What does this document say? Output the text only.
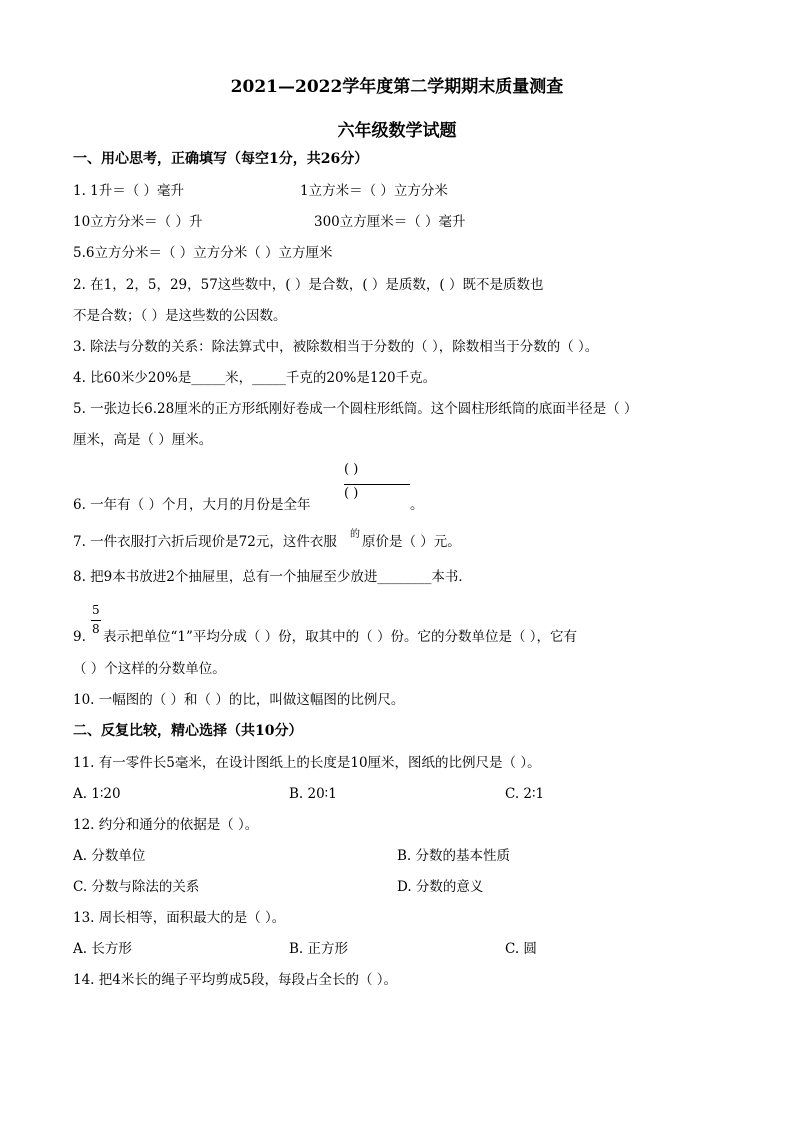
2021—2022学年度第二学期期末质量测查
六年级数学试题
一、用心思考，正确填写（每空1分，共26分）
1. 1升＝（ ）毫升	1立方米＝（ ）立方分米
10立方分米＝（ ）升	300立方厘米＝（ ）毫升
5.6立方分米＝（ ）立方分米（ ）立方厘米
2. 在1，2，5，29，57这些数中，( ）是合数，( ）是质数，( ）既不是质数也
不是合数；（ ）是这些数的公因数。
3. 除法与分数的关系：除法算式中，被除数相当于分数的（ ），除数相当于分数的（ ）。
4. 比60米少20%是_____米，_____千克的20%是120千克。
5. 一张边长6.28厘米的正方形纸刚好卷成一个圆柱形纸筒。这个圆柱形纸筒的底面半径是（ ）
厘米，高是（ ）厘米。
6. 一年有（ ）个月，大月的月份是全年
( )
( )
。
7. 一件衣服打六折后现价是72元，这件衣服 的 原价是（ ）元。
8. 把9本书放进2个抽屉里，总有一个抽屉至少放进________本书．
5
8
9. 表示把单位“1”平均分成（ ）份，取其中的（ ）份。它的分数单位是（ ），它有
（ ）个这样的分数单位。
10. 一幅图的（ ）和（ ）的比，叫做这幅图的比例尺。
二、反复比较，精心选择（共10分）
11. 有一零件长5毫米，在设计图纸上的长度是10厘米，图纸的比例尺是（ ）。
A. 1∶20	B. 20∶1	C. 2∶1
12. 约分和通分的依据是（ ）。
A. 分数单位	B. 分数的基本性质
C. 分数与除法的关系	D. 分数的意义
13. 周长相等，面积最大的是（ ）。
A. 长方形	B. 正方形	C. 圆
14. 把4米长的绳子平均剪成5段，每段占全长的（ ）。
